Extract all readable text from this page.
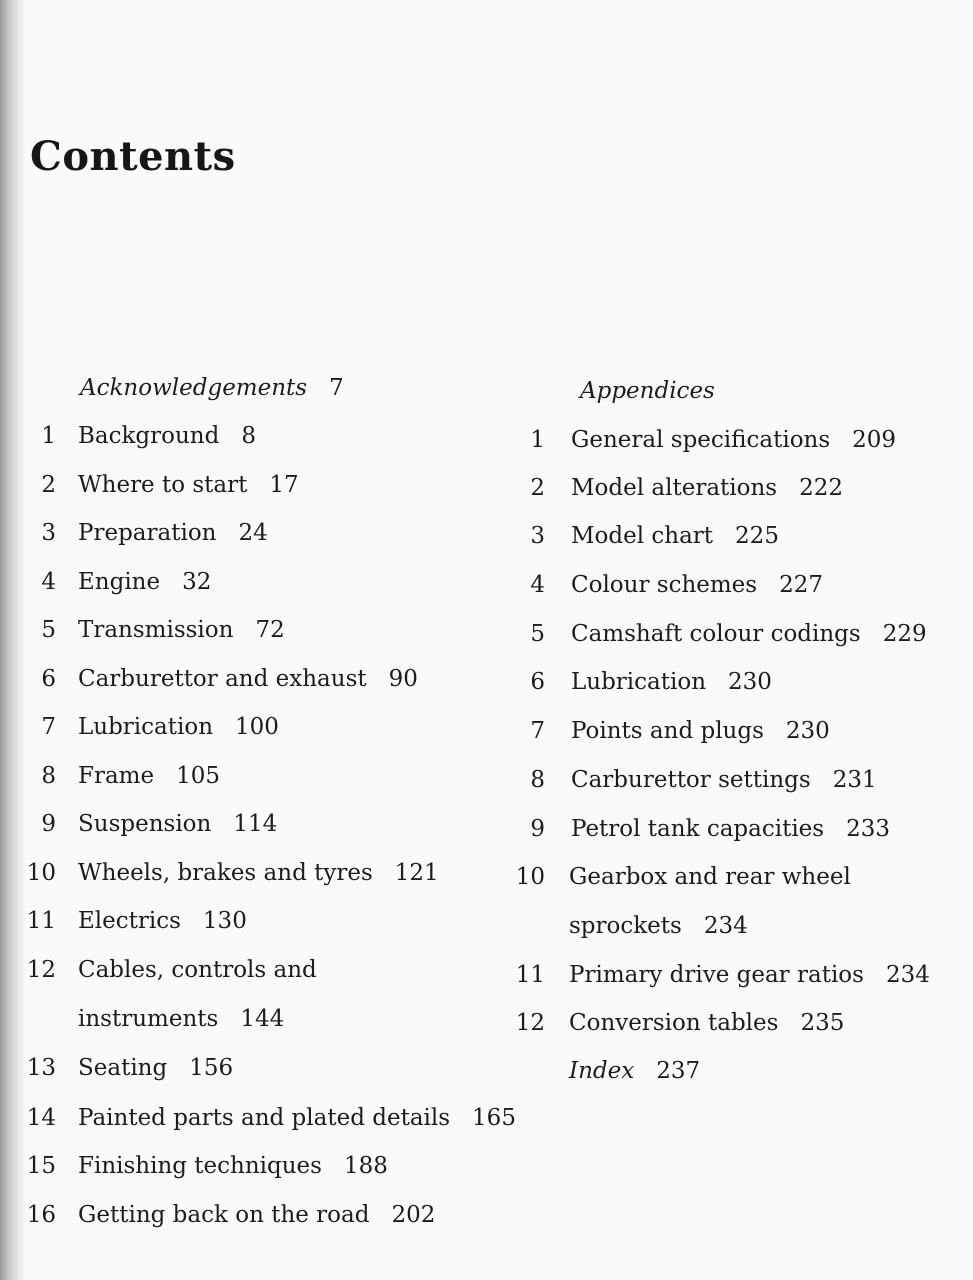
Contents
Acknowledgements 7
1 Background 8
2 Where to start 17
3 Preparation 24
4 Engine 32
5 Transmission 72
6 Carburettor and exhaust 90
7 Lubrication 100
8 Frame 105
9 Suspension 114
10 Wheels, brakes and tyres 121
11 Electrics 130
12 Cables, controls and
instruments 144
13 Seating 156
14 Painted parts and plated details 165
15 Finishing techniques 188
16 Getting back on the road 202
Appendices
1 General specifications 209
2 Model alterations 222
3 Model chart 225
4 Colour schemes 227
5 Camshaft colour codings 229
6 Lubrication 230
7 Points and plugs 230
8 Carburettor settings 231
9 Petrol tank capacities 233
10 Gearbox and rear wheel
sprockets 234
11 Primary drive gear ratios 234
12 Conversion tables 235
Index 237
